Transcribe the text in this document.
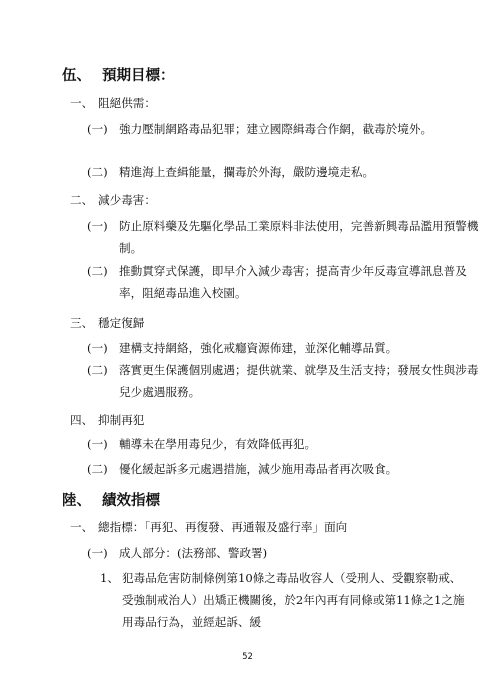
伍、 預期目標：
一、 阻絕供需：
(一) 強力壓制網路毒品犯罪；建立國際緝毒合作網，截毒於境外。
(二) 精進海上查緝能量，攔毒於外海，嚴防邊境走私。
二、 減少毒害：
(一) 防止原料藥及先驅化學品工業原料非法使用，完善新興毒品濫用預警機制。
(二) 推動貫穿式保護，即早介入減少毒害；提高青少年反毒宣導訊息普及率，阻絕毒品進入校園。
三、 穩定復歸
(一) 建構支持網絡，強化戒癮資源佈建，並深化輔導品質。
(二) 落實更生保護個別處遇；提供就業、就學及生活支持；發展女性與涉毒兒少處遇服務。
四、 抑制再犯
(一) 輔導未在學用毒兒少，有效降低再犯。
(二) 優化緩起訴多元處遇措施，減少施用毒品者再次吸食。
陸、 績效指標
一、 總指標：「再犯、再復發、再通報及盛行率」面向
(一) 成人部分：(法務部、警政署)
1、 犯毒品危害防制條例第10條之毒品收容人（受刑人、受觀察勒戒、受強制戒治人）出矯正機關後，於2年內再有同條或第11條之1之施用毒品行為，並經起訴、緩
52
